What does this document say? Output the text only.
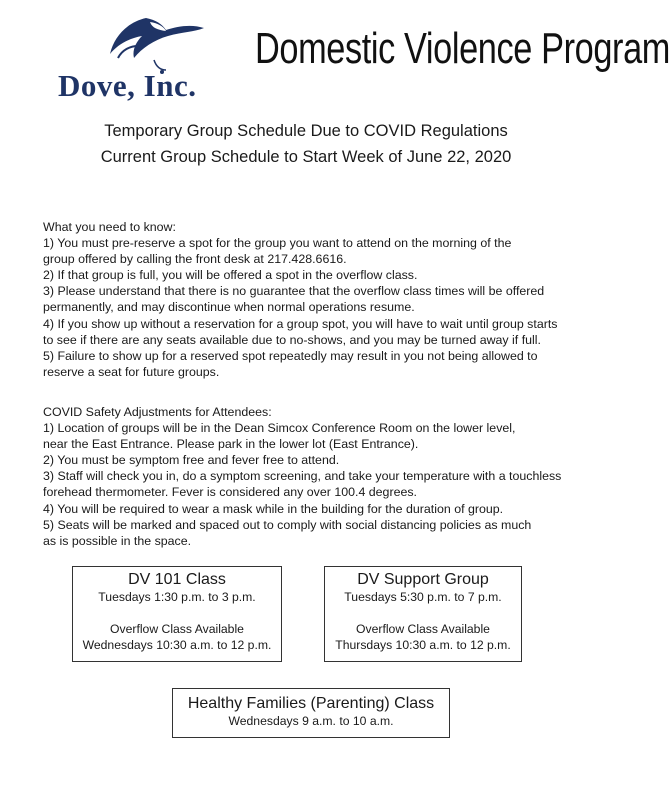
Dove, Inc.
Domestic Violence Program
Temporary Group Schedule Due to COVID Regulations
Current Group Schedule to Start Week of June 22, 2020

What you need to know:

1) You must pre-reserve a spot for the group you want to attend on the morning of the

group offered by calling the front desk at 217.428.6616.

2) If that group is full, you will be offered a spot in the overflow class.

3) Please understand that there is no guarantee that the overflow class times will be offered

permanently, and may discontinue when normal operations resume.

4) If you show up without a reservation for a group spot, you will have to wait until group starts

to see if there are any seats available due to no-shows, and you may be turned away if full.

5) Failure to show up for a reserved spot repeatedly may result in you not being allowed to

reserve a seat for future groups.

COVID Safety Adjustments for Attendees:

1) Location of groups will be in the Dean Simcox Conference Room on the lower level,

near the East Entrance. Please park in the lower lot (East Entrance).

2) You must be symptom free and fever free to attend.

3) Staff will check you in, do a symptom screening, and take your temperature with a touchless

forehead thermometer. Fever is considered any over 100.4 degrees.

4) You will be required to wear a mask while in the building for the duration of group.

5) Seats will be marked and spaced out to comply with social distancing policies as much

as is possible in the space.

DV 101 Class
Tuesdays 1:30 p.m. to 3 p.m.
Overflow Class Available
Wednesdays 10:30 a.m. to 12 p.m.
DV Support Group
Tuesdays 5:30 p.m. to 7 p.m.
Overflow Class Available
Thursdays 10:30 a.m. to 12 p.m.
Healthy Families (Parenting) Class
Wednesdays 9 a.m. to 10 a.m.
